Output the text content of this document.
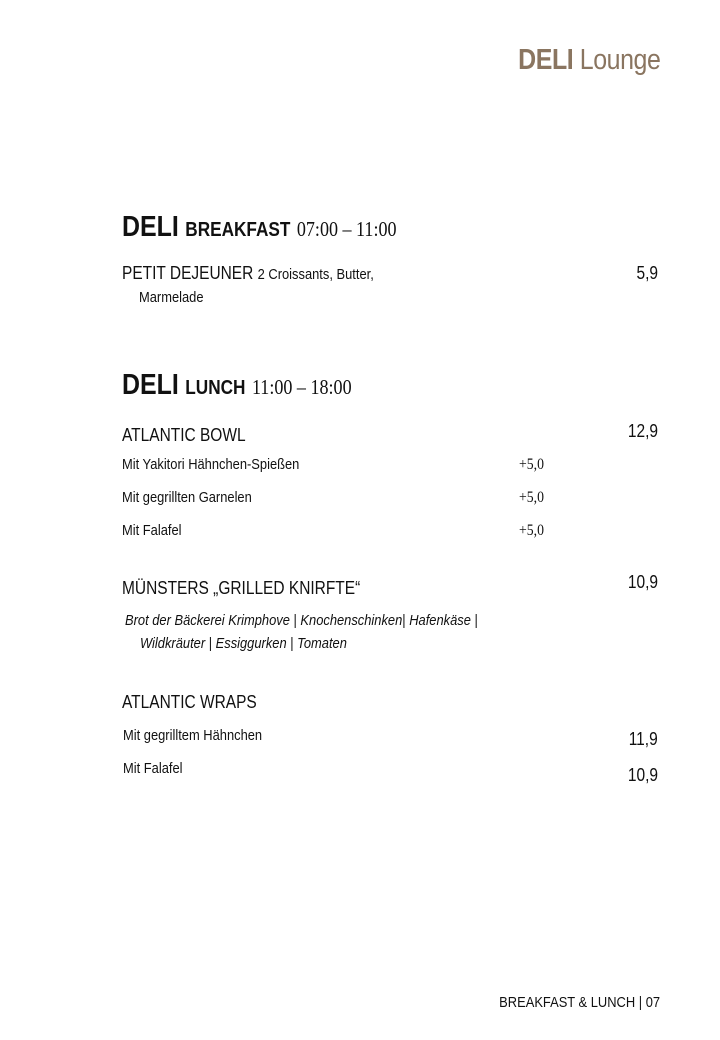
DELI Lounge
DELI BREAKFAST 07:00 – 11:00
PETIT DEJEUNER 2 Croissants, Butter,
Marmelade
5,9
DELI LUNCH 11:00 – 18:00
ATLANTIC BOWL	12,9
Mit Yakitori Hähnchen-Spießen	+5,0
Mit gegrillten Garnelen	+5,0
Mit Falafel	+5,0
MÜNSTERS „GRILLED KNIRFTE“	10,9
Brot der Bäckerei Krimphove | Knochenschinken| Hafenkäse |
Wildkräuter | Essiggurken | Tomaten
ATLANTIC WRAPS
Mit gegrilltem Hähnchen	11,9
Mit Falafel	10,9
BREAKFAST & LUNCH | 07
